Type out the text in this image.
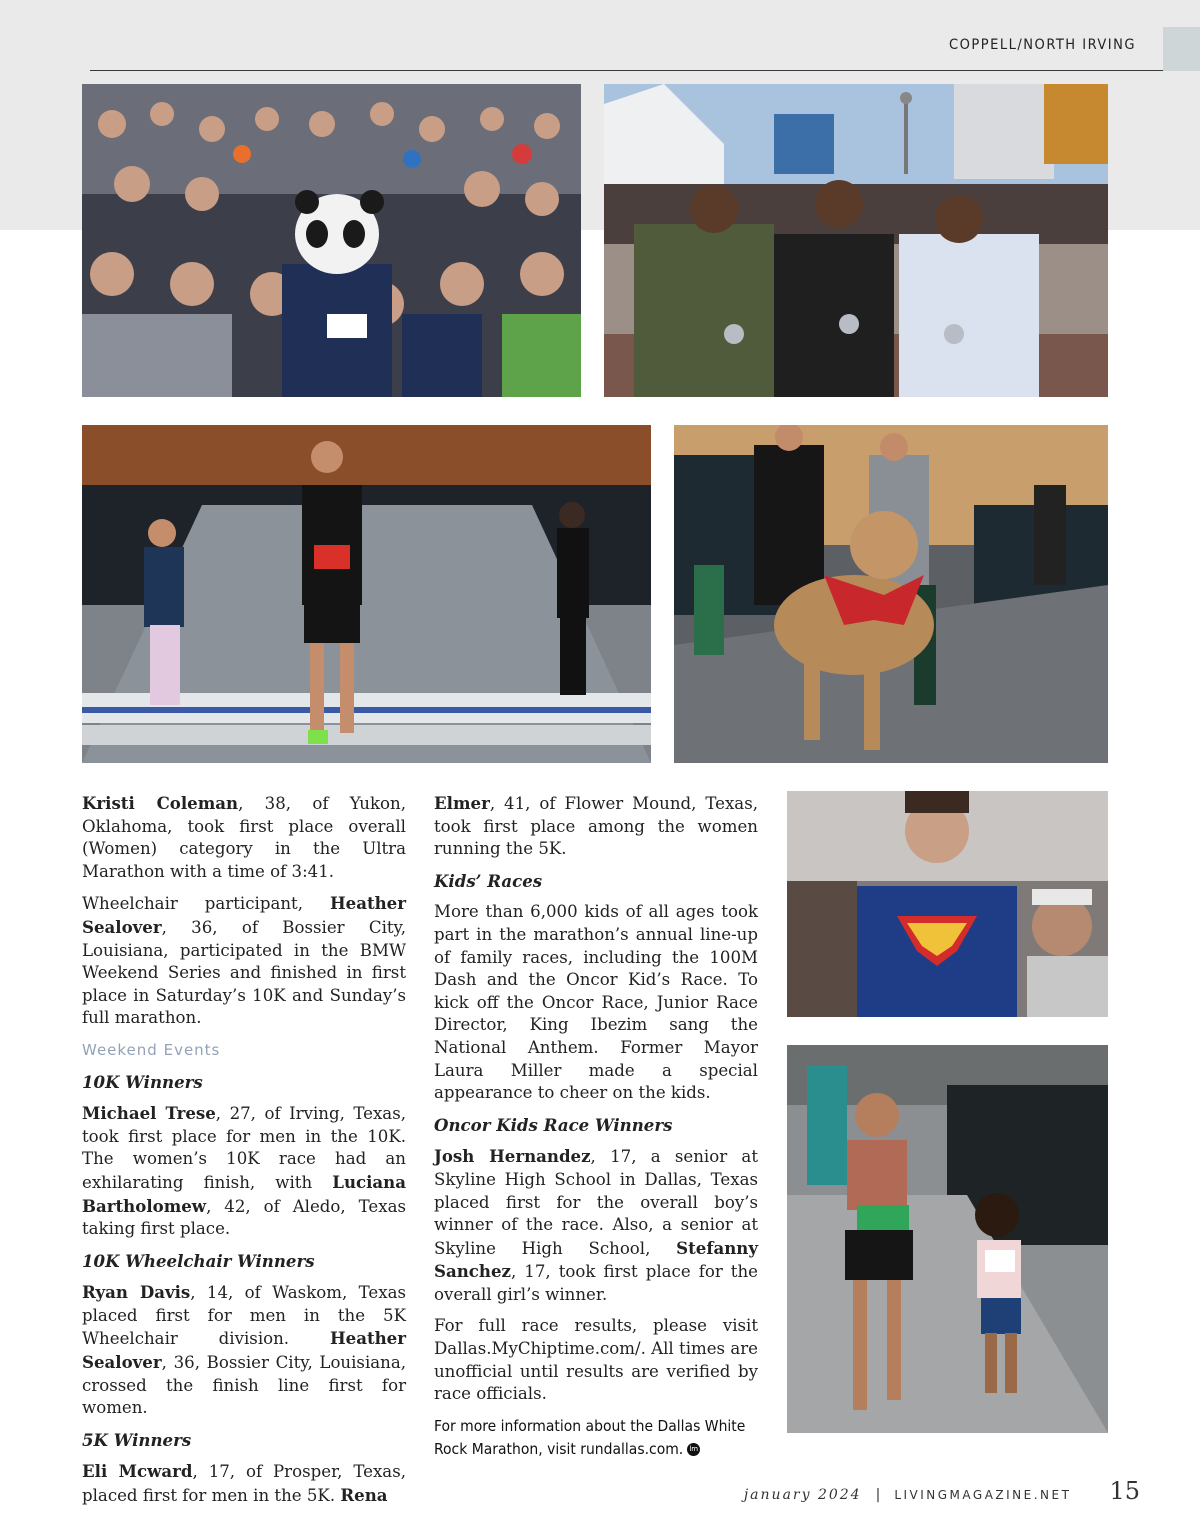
COPPELL/NORTH IRVING

Kristi Coleman, 38, of Yukon, Oklahoma, took first place overall (Women) category in the Ultra Marathon with a time of 3:41.

Wheelchair participant, Heather Sealover, 36, of Bossier City, Louisiana, participated in the BMW Weekend Series and finished in first place in Saturday’s 10K and Sunday’s full marathon.

Weekend Events
10K Winners

Michael Trese, 27, of Irving, Texas, took first place for men in the 10K. The women’s 10K race had an exhilarating finish, with Luciana Bartholomew, 42, of Aledo, Texas taking first place.

10K Wheelchair Winners

Ryan Davis, 14, of Waskom, Texas placed first for men in the 5K Wheelchair division. Heather Sealover, 36, Bossier City, Louisiana, crossed the finish line first for women.

5K Winners

Eli Mcward, 17, of Prosper, Texas, placed first for men in the 5K. Rena

Elmer, 41, of Flower Mound, Texas, took first place among the women running the 5K.

Kids’ Races

More than 6,000 kids of all ages took part in the marathon’s annual line-up of family races, including the 100M Dash and the Oncor Kid’s Race. To kick off the Oncor Race, Junior Race Director, King Ibezim sang the National Anthem. Former Mayor Laura Miller made a special appearance to cheer on the kids.

Oncor Kids Race Winners

Josh Hernandez, 17, a senior at Skyline High School in Dallas, Texas placed first for the overall boy’s winner of the race. Also, a senior at Skyline High School, Stefanny Sanchez, 17, took first place for the overall girl’s winner.

For full race results, please visit Dallas.MyChiptime.com/. All times are unofficial until results are verified by race officials.

For more information about the Dallas White Rock Marathon, visit rundallas.com. lm

january 2024 | LIVINGMAGAZINE.NET 15
